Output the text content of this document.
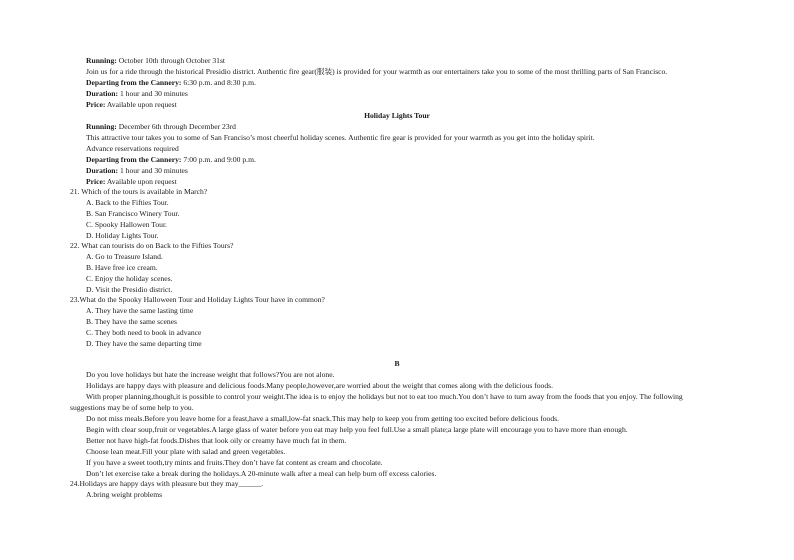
Running: October 10th through October 31st
Join us for a ride through the historical Presidio district. Authentic fire gear(服装) is provided for your warmth as our entertainers take you to some of the most thrilling parts of San Francisco.
Departing from the Cannery: 6:30 p.m. and 8:30 p.m.
Duration: 1 hour and 30 minutes
Price: Available upon request
Holiday Lights Tour
Running: December 6th through December 23rd
This attractive tour takes you to some of San Franciso’s most cheerful holiday scenes. Authentic fire gear is provided for your warmth as you get into the holiday spirit.
Advance reservations required
Departing from the Cannery: 7:00 p.m. and 9:00 p.m.
Duration: 1 hour and 30 minutes
Price: Available upon request
21. Which of the tours is available in March?
A. Back to the Fifties Tour.
B. San Francisco Winery Tour.
C. Spooky Hallowen Tour.
D. Holiday Lights Tour.
22. What can tourists do on Back to the Fifties Tours?
A. Go to Treasure Island.
B. Have free ice cream.
C. Enjoy the holiday scenes.
D. Visit the Presidio district.
23.What do the Spooky Halloween Tour and Holiday Lights Tour have in common?
A. They have the same lasting time
B. They have the same scenes
C. They both need to book in advance
D. They have the same departing time
B
Do you love holidays but hate the increase weight that follows?You are not alone.
Holidays are happy days with pleasure and delicious foods.Many people,however,are worried about the weight that comes along with the delicious foods.
With proper planning,though,it is possible to control your weight.The idea is to enjoy the holidays but not to eat too much.You don’t have to turn away from the foods that you enjoy. The following
suggestions may be of some help to you.
Do not miss meals.Before you leave home for a feast,have a small,low-fat snack.This may help to keep you from getting too excited before delicious foods.
Begin with clear soup,fruit or vegetables.A large glass of water before you eat may help you feel full.Use a small plate;a large plate will encourage you to have more than enough.
Better not have high-fat foods.Dishes that look oily or creamy have much fat in them.
Choose lean meat.Fill your plate with salad and green vegetables.
If you have a sweet tooth,try mints and fruits.They don’t have fat content as cream and chocolate.
Don’t let exercise take a break during the holidays.A 20-minute walk after a meal can help burn off excess calories.
24.Holidays are happy days with pleasure but they may______.
A.bring weight problems
